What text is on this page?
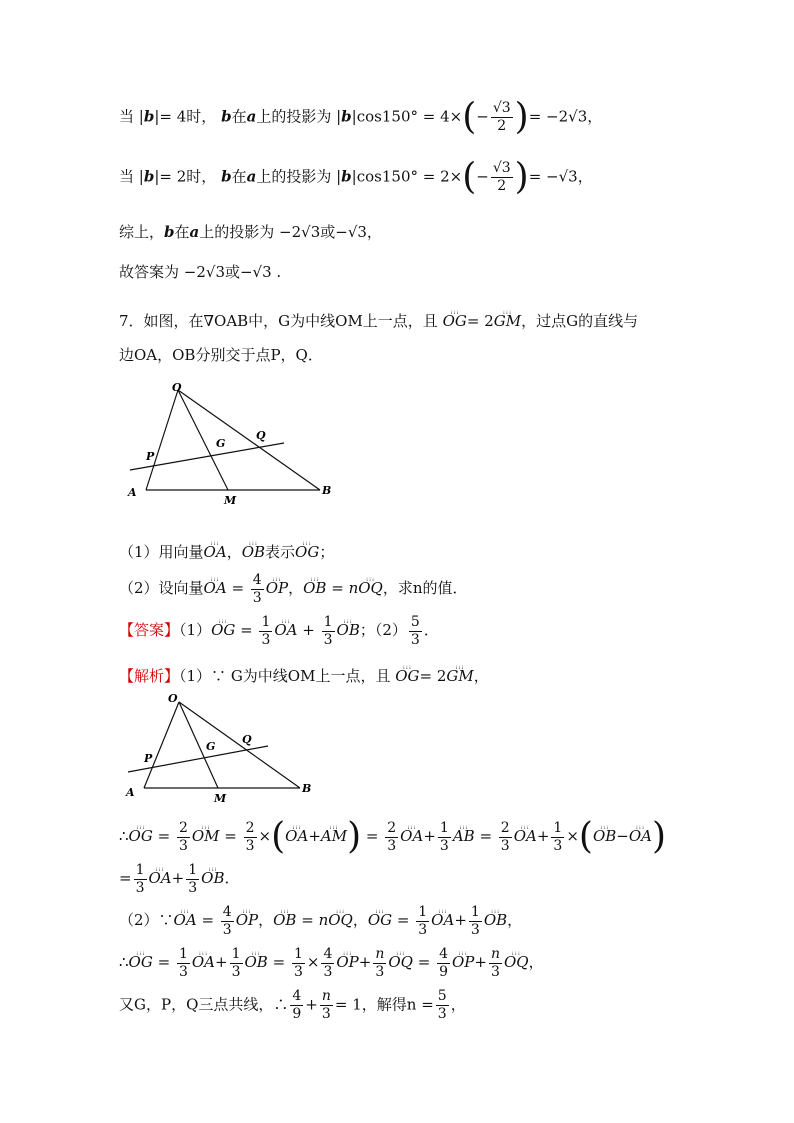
当 |b|= 4时， b在a上的投影为 $|b|\cos 150^\circ = 4\times(- \frac{√3}{2}$ )= −2√3，
当 |b|= 2时， b在a上的投影为 $|b|\cos 150^\circ = 2\times(- \frac{√3}{2}$ )= −√3，
综上，b在a上的投影为 −2√3或−√3，
故答案为 −2√3或−√3 .
7．如图，在∇OAB中，G为中线OM上一点，且 ꜟꜟꜟ OG= 2ꜟꜟꜟ GM，过点G的直线与
边OA，OB分别交于点P，Q．
O
A	B
M
G
P
Q
（1）用向量ꜟꜟꜟ OA，ꜟꜟꜟ OB表示ꜟꜟꜟ OG；
（2）设向量ꜟꜟꜟ OA = $\frac{4}{3}$ ꜟꜟꜟ OP，ꜟꜟꜟ OB = nꜟꜟꜟ OQ，求n的值．
【答案】（1）ꜟꜟꜟ OG = $\frac{1}{3}$ ꜟꜟꜟ OA + $\frac{1}{3}$ ꜟꜟꜟ OB；$(2) \frac{5}{3}$ ．
【解析】（1）∵ G为中线OM上一点，且 ꜟꜟꜟ OG= 2ꜟꜟꜟ GM，
O
A	B
M
G
P
Q
∴ꜟꜟꜟ OG = $\frac{2}{3}$ ꜟꜟꜟ OM = $\frac{2}{3}$ ×(ꜟꜟꜟ OA+ꜟꜟꜟ $AM) = \frac{2}{3}$ ꜟꜟꜟ $OA+ \frac{1}{3}$ ꜟꜟꜟ AB = $\frac{2}{3}$ ꜟꜟꜟ $OA+ \frac{1}{3}$ ×(ꜟꜟꜟ OB−ꜟꜟꜟ OA)
= $\frac{1}{3}$ ꜟꜟꜟ $OA+ \frac{1}{3}$ ꜟꜟꜟ OB．
（2）∵ꜟꜟꜟ OA = $\frac{4}{3}$ ꜟꜟꜟ OP，ꜟꜟꜟ OB = nꜟꜟꜟ OQ，ꜟꜟꜟ OG = $\frac{1}{3}$ ꜟꜟꜟ $OA+ \frac{1}{3}$ ꜟꜟꜟ OB，
∴ꜟꜟꜟ OG = $\frac{1}{3}$ ꜟꜟꜟ $OA+ \frac{1}{3}$ ꜟꜟꜟ OB = $\frac{1}{3} \times \frac{4}{3}$ ꜟꜟꜟ $OP+ \frac{n}{3}$ ꜟꜟꜟ OQ = $\frac{4}{9}$ ꜟꜟꜟ $OP+ \frac{n}{3}$ ꜟꜟꜟ OQ，
又G，P，Q三点共线，∴ $\frac{4}{9} + \frac{n}{3} = 1$，解得$n = \frac{5}{3}$ ，
